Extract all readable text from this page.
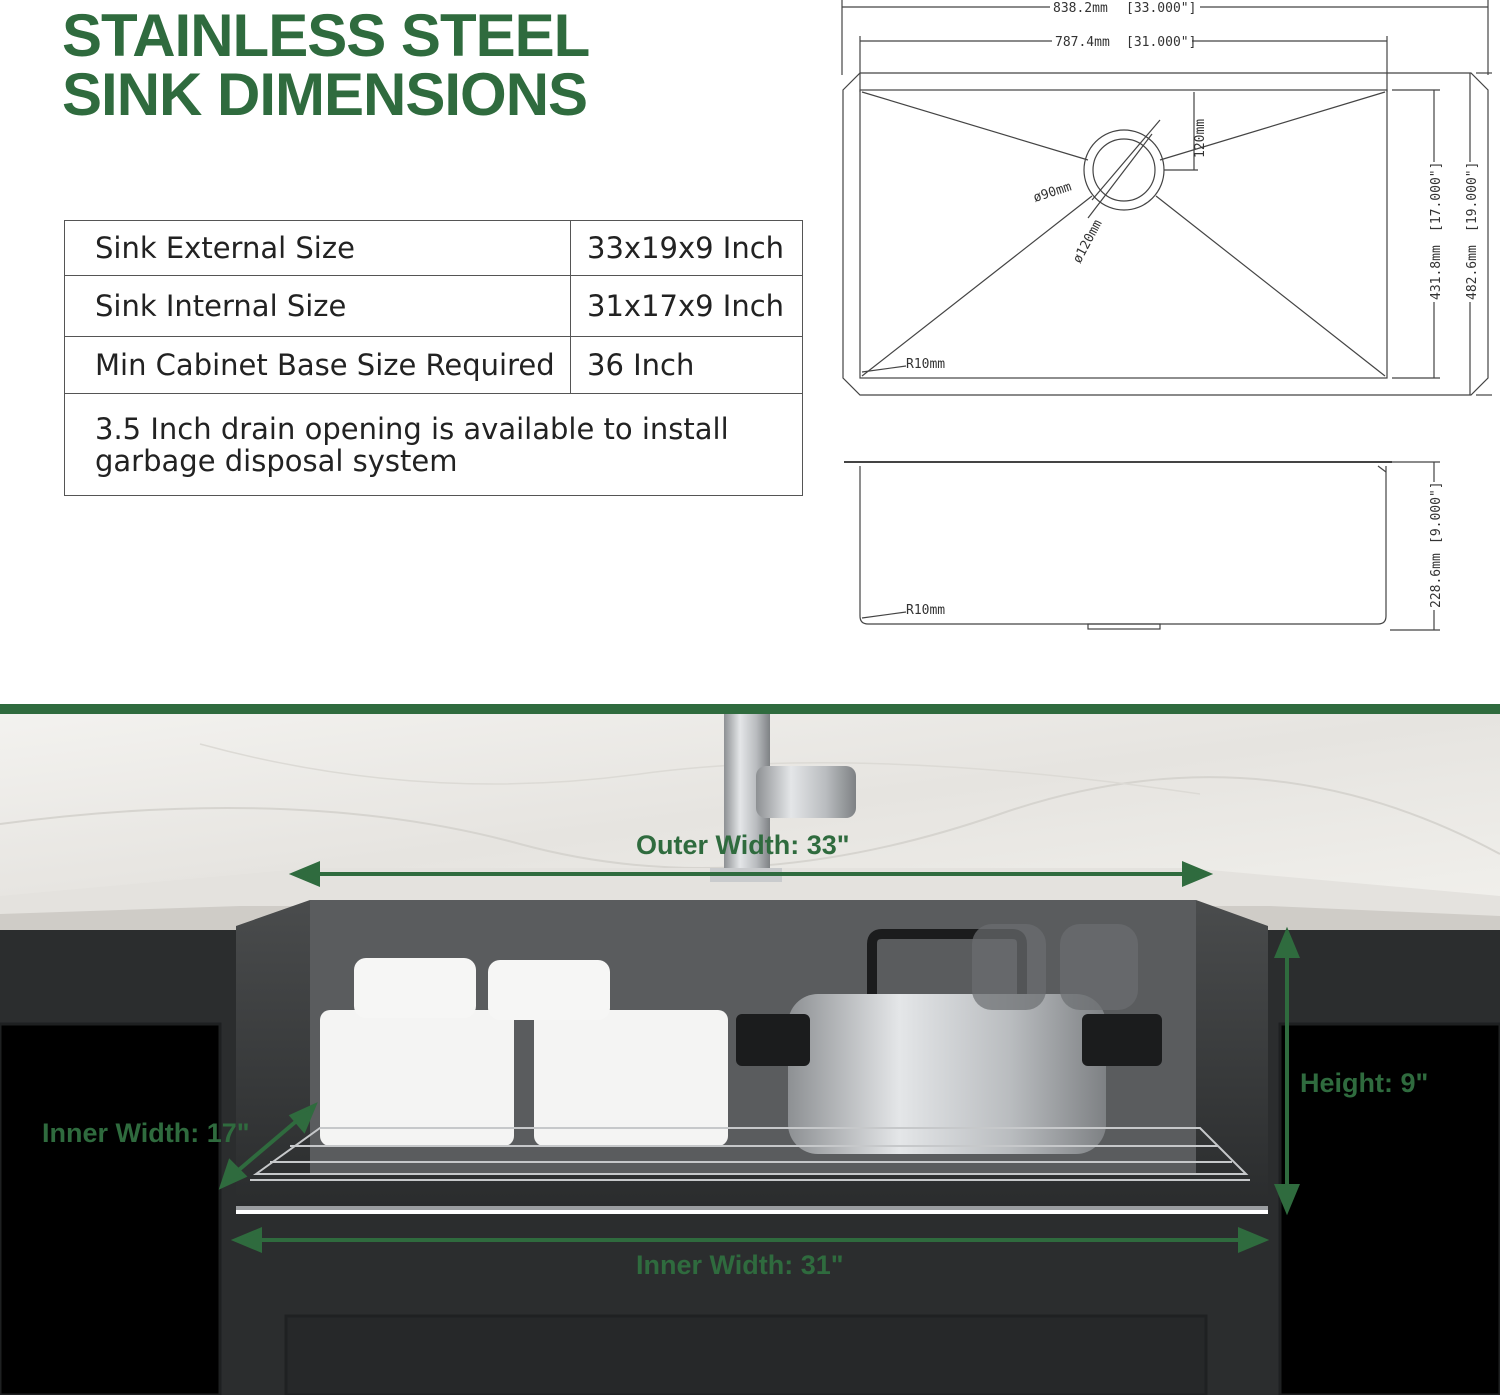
STAINLESS STEEL
SINK DIMENSIONS
Sink External Size	33x19x9 Inch
Sink Internal Size	31x17x9 Inch
Min Cabinet Base Size Required	36 Inch
3.5 Inch drain opening is available to install garbage disposal system	
838.2mm [33.000"]
787.4mm [31.000"]
120mm
ø90mm
ø120mm
R10mm
431.8mm
[17.000"]
482.6mm
[19.000"]
R10mm
228.6mm
[9.000"]
Outer Width: 33"
Inner Width: 17"
Height: 9"
Inner Width: 31"
